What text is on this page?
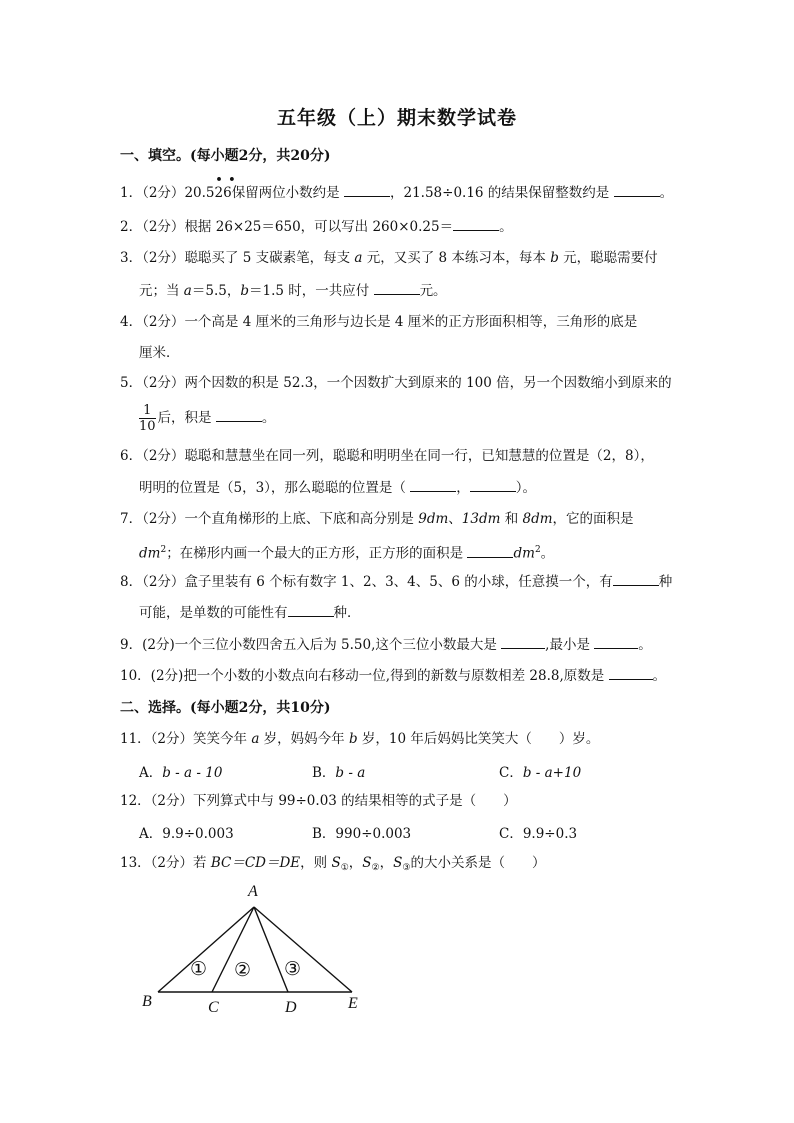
五年级（上）期末数学试卷
一、填空。(每小题2分，共20分)
1．（2分）20.5
• •
26保留两位小数约是	，21.58÷0.16 的结果保留整数约是	。
2．（2分）根据 26×25＝650，可以写出 260×0.25＝	。
3．（2分）聪聪买了 5 支碳素笔，每支 a 元，又买了 8 本练习本，每本 b 元，聪聪需要付
元；当 a＝5.5，b＝1.5 时，一共应付	元。
4．（2分）一个高是 4 厘米的三角形与边长是 4 厘米的正方形面积相等，三角形的底是
厘米．
5．（2分）两个因数的积是 52.3，一个因数扩大到原来的 100 倍，另一个因数缩小到原来的
$\frac{1}{10}$ 后，积是	。
6．（2分）聪聪和慧慧坐在同一列，聪聪和明明坐在同一行，已知慧慧的位置是（2，8），
明明的位置是（5，3），那么聪聪的位置是（	，	）。
7．（2分）一个直角梯形的上底、下底和高分别是 9dm、13dm 和 8dm，它的面积是
$dm^2$；在梯形内画一个最大的正方形，正方形的面积是	$dm^2$。
8．（2分）盒子里装有 6 个标有数字 1、2、3、4、5、6 的小球，任意摸一个，有	种
可能，是单数的可能性有	种．
9．(2分)一个三位小数四舍五入后为 5.50,这个三位小数最大是	,最小是	。
10．(2分)把一个小数的小数点向右移动一位,得到的新数与原数相差 28.8,原数是	。
二、选择。(每小题2分，共10分)
11．（2分）笑笑今年 a 岁，妈妈今年 b 岁，10 年后妈妈比笑笑大（　　）岁。
A．b - a - 10	B．b - a	C．b - a+10
12．（2分）下列算式中与 99÷0.03 的结果相等的式子是（　　）
A．9.9÷0.003	B．990÷0.003	C．9.9÷0.3
13．（2分）若 BC＝CD＝DE，则 $S_①$，$S_②$，$S_③$的大小关系是（　　）
A
B	C	D	E
① ② ③
